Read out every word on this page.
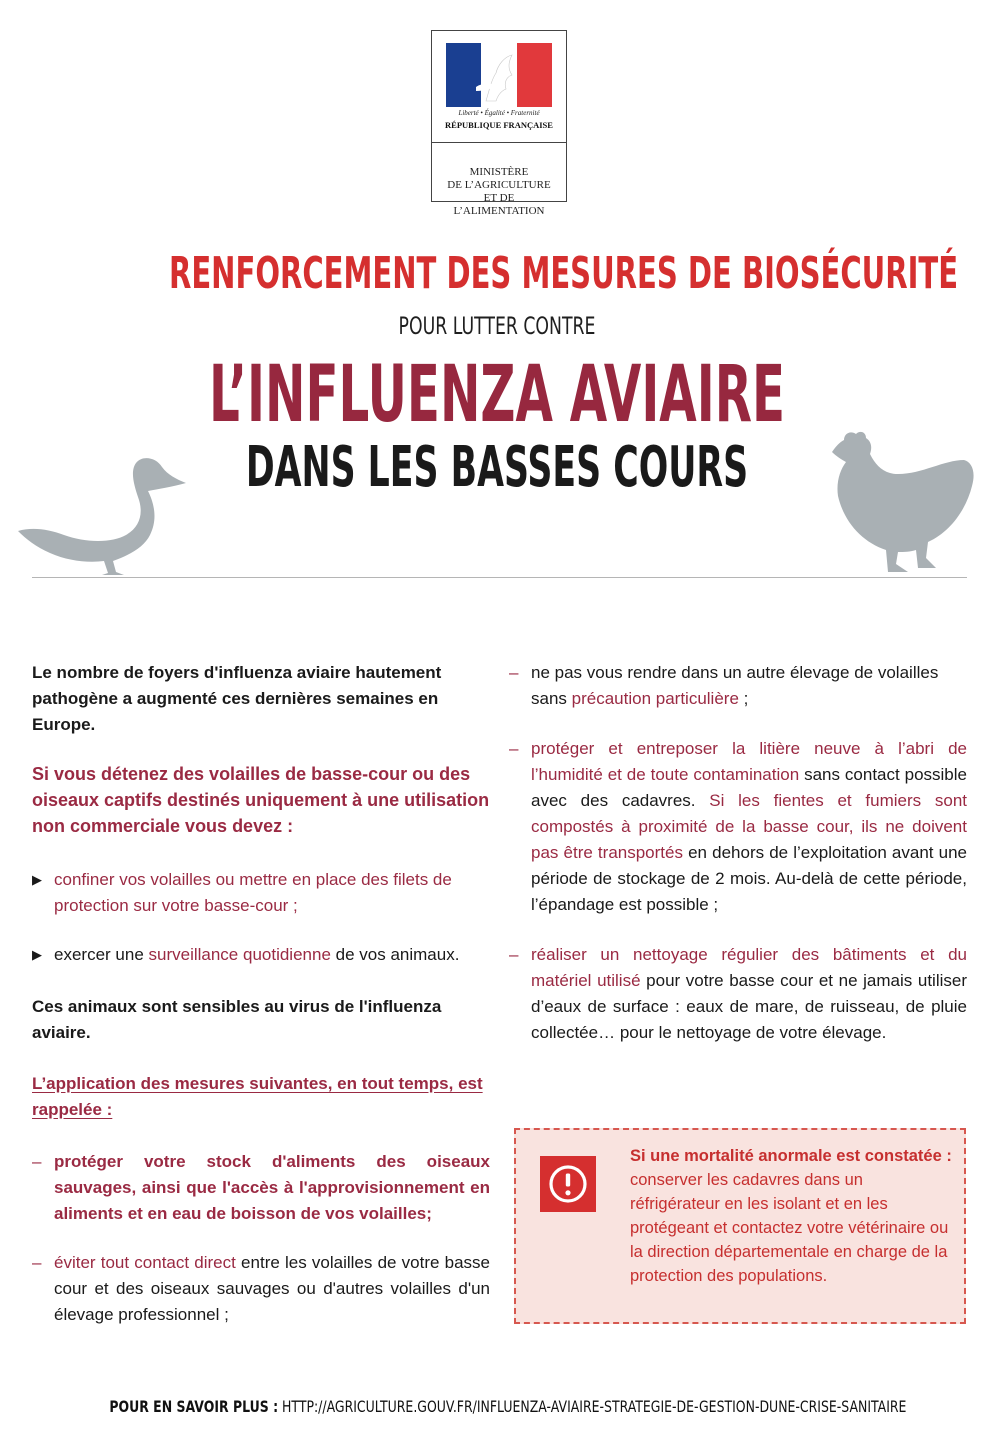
Liberté • Égalité • Fraternité
RÉPUBLIQUE FRANÇAISE
MINISTÈRE
DE L’AGRICULTURE
ET DE
L’ALIMENTATION
RENFORCEMENT DES MESURES DE BIOSÉCURITÉ
POUR LUTTER CONTRE
L’INFLUENZA AVIAIRE
DANS LES BASSES COURS

Le nombre de foyers d'influenza aviaire hautement pathogène a augmenté ces dernières semaines en Europe.

Si vous détenez des volailles de basse-cour ou des oiseaux captifs destinés uniquement à une utilisation non commerciale vous devez :

▶ confiner vos volailles ou mettre en place des filets de protection sur votre basse-cour ;
▶ exercer une surveillance quotidienne de vos animaux.

Ces animaux sont sensibles au virus de l'influenza aviaire.

L’application des mesures suivantes, en tout temps, est rappelée :

– protéger votre stock d'aliments des oiseaux sauvages, ainsi que l'accès à l'approvisionnement en aliments et en eau de boisson de vos volailles;
– éviter tout contact direct entre les volailles de votre basse cour et des oiseaux sauvages ou d'autres volailles d'un élevage professionnel ;
– ne pas vous rendre dans un autre élevage de volailles sans précaution particulière ;
– protéger et entreposer la litière neuve à l’abri de l’humidité et de toute contamination sans contact possible avec des cadavres. Si les fientes et fumiers sont compostés à proximité de la basse cour, ils ne doivent pas être transportés en dehors de l’exploitation avant une période de stockage de 2 mois. Au-delà de cette période, l’épandage est possible ;
– réaliser un nettoyage régulier des bâtiments et du matériel utilisé pour votre basse cour et ne jamais utiliser d’eaux de surface : eaux de mare, de ruisseau, de pluie collectée… pour le nettoyage de votre élevage.
Si une mortalité anormale est constatée : conserver les cadavres dans un réfrigérateur en les isolant et en les protégeant et contactez votre vétérinaire ou la direction départementale en charge de la protection des populations.
POUR EN SAVOIR PLUS : HTTP://AGRICULTURE.GOUV.FR/INFLUENZA-AVIAIRE-STRATEGIE-DE-GESTION-DUNE-CRISE-SANITAIRE
